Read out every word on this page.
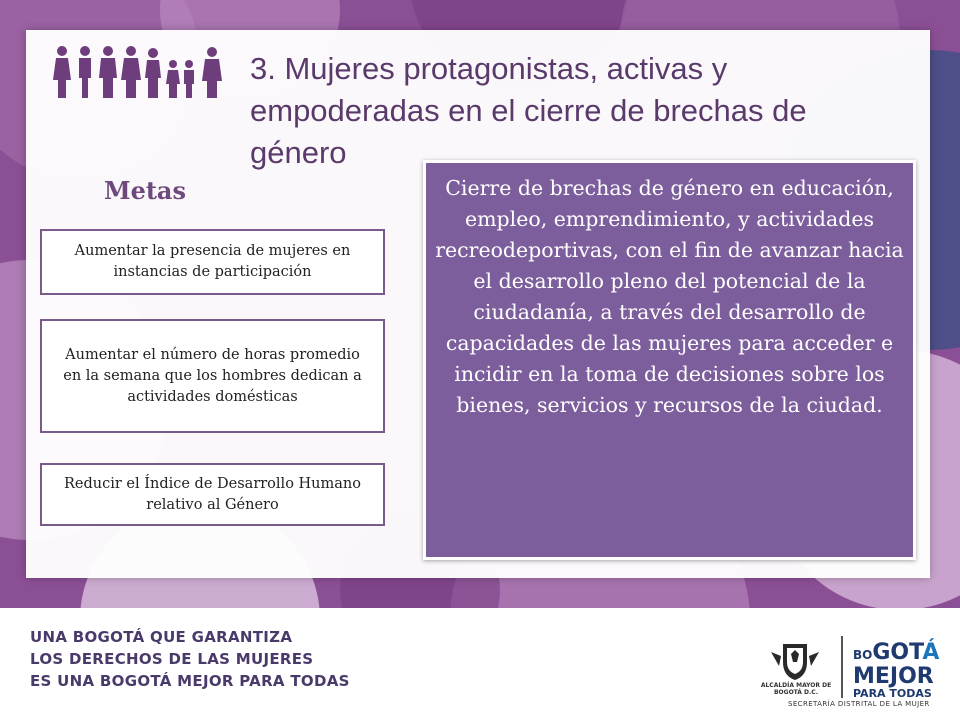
3. Mujeres protagonistas, activas y empoderadas en el cierre de brechas de género
Metas
Aumentar la presencia de mujeres en instancias de participación
Aumentar el número de horas promedio en la semana que los hombres dedican a actividades domésticas
Reducir el Índice de Desarrollo Humano relativo al Género
Cierre de brechas de género en educación, empleo, emprendimiento, y actividades recreodeportivas, con el fin de avanzar hacia el desarrollo pleno del potencial de la ciudadanía, a través del desarrollo de capacidades de las mujeres para acceder e incidir en la toma de decisiones sobre los bienes, servicios y recursos de la ciudad.
UNA BOGOTÁ QUE GARANTIZA
LOS DERECHOS DE LAS MUJERES
ES UNA BOGOTÁ MEJOR PARA TODAS	ALCALDÍA MAYOR DE BOGOTÁ D.C.
BOGOTÁ
MEJOR
PARA TODAS
SECRETARÍA DISTRITAL DE LA MUJER
